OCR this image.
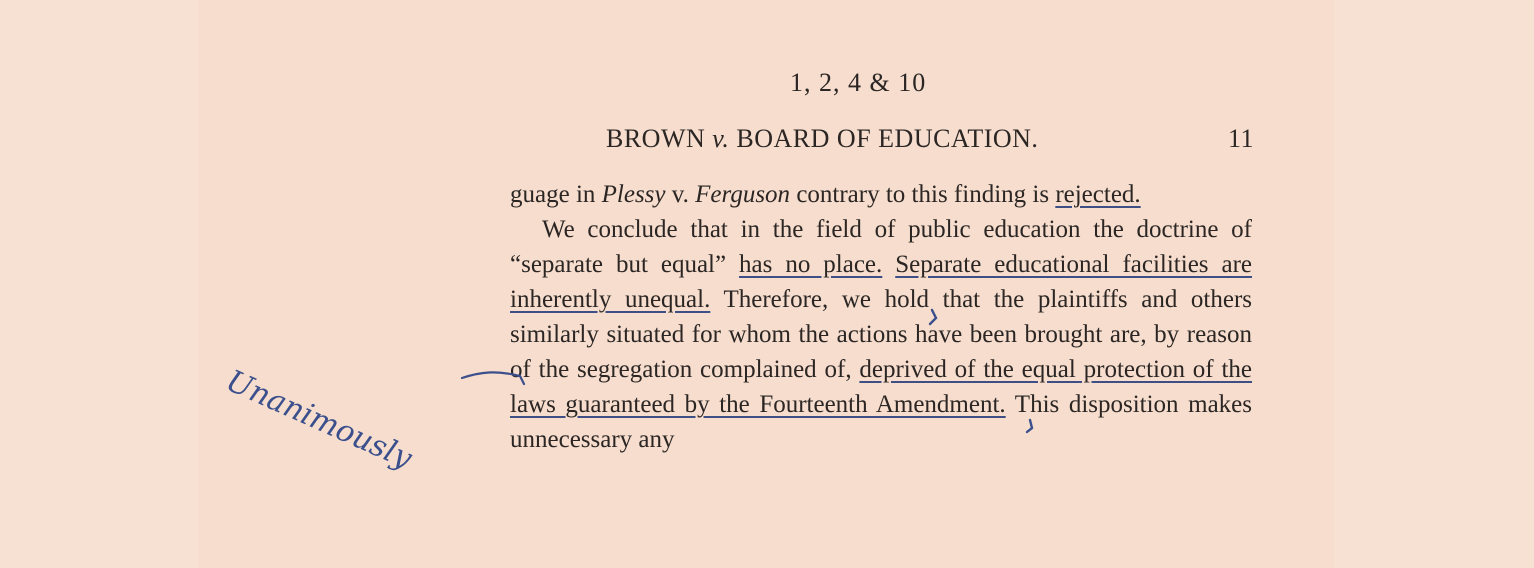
1, 2, 4 & 10
BROWN v. BOARD OF EDUCATION.	11

guage in Plessy v. Ferguson contrary to this finding is rejected.

We conclude that in the field of public education the doctrine of “separate but equal” has no place. Separate educational facilities are inherently unequal. Therefore, we hold that the plaintiffs and others similarly situated for whom the actions have been brought are, by reason of the segregation complained of, deprived of the equal protection of the laws guaranteed by the Fourteenth Amendment. This disposition makes unnecessary any

Unanimously
